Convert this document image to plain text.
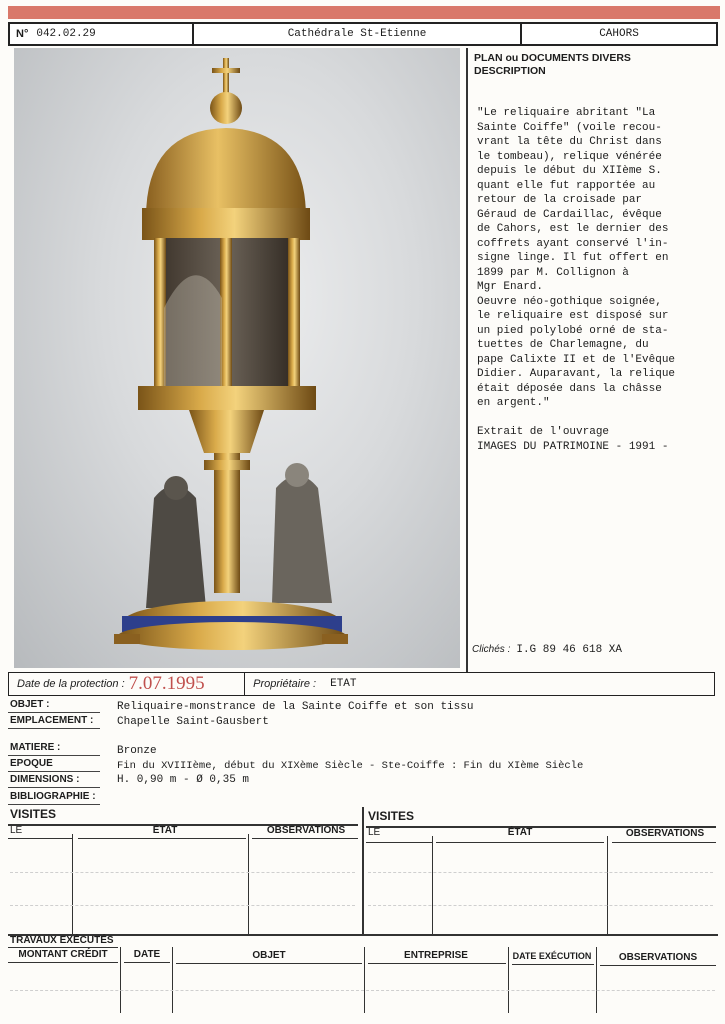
N° 042.02.29	Cathédrale St-Etienne	CAHORS
PLAN ou DOCUMENTS DIVERS
DESCRIPTION
"Le reliquaire abritant "La
Sainte Coiffe" (voile recou-
vrant la tête du Christ dans
le tombeau), relique vénérée
depuis le début du XIIème S.
quant elle fut rapportée au
retour de la croisade par
Géraud de Cardaillac, évêque
de Cahors, est le dernier des
coffrets ayant conservé l'in-
signe linge. Il fut offert en
1899 par M. Collignon à
Mgr Enard.
Oeuvre néo-gothique soignée,
le reliquaire est disposé sur
un pied polylobé orné de sta-
tuettes de Charlemagne, du
pape Calixte II et de l'Evêque
Didier. Auparavant, la relique
était déposée dans la châsse
en argent."

Extrait de l'ouvrage
IMAGES DU PATRIMOINE - 1991 -
Clichés : I.G 89 46 618 XA
Date de la protection : 7.07.1995	Propriétaire : ETAT
OBJET :	Reliquaire-monstrance de la Sainte Coiffe et son tissu
EMPLACEMENT : Chapelle Saint-Gausbert
MATIERE :	Bronze
EPOQUE	Fin du XVIIIème, début du XIXème Siècle - Ste-Coiffe : Fin du XIème Siècle
DIMENSIONS :	H. 0,90 m - Ø 0,35 m
BIBLIOGRAPHIE :
VISITES	VISITES
LE	ÉTAT	OBSERVATIONS	LE	ÉTAT	OBSERVATIONS
TRAVAUX EXÉCUTÉS
MONTANT CRÉDIT	DATE	OBJET	ENTREPRISE	DATE EXÉCUTION	OBSERVATIONS
